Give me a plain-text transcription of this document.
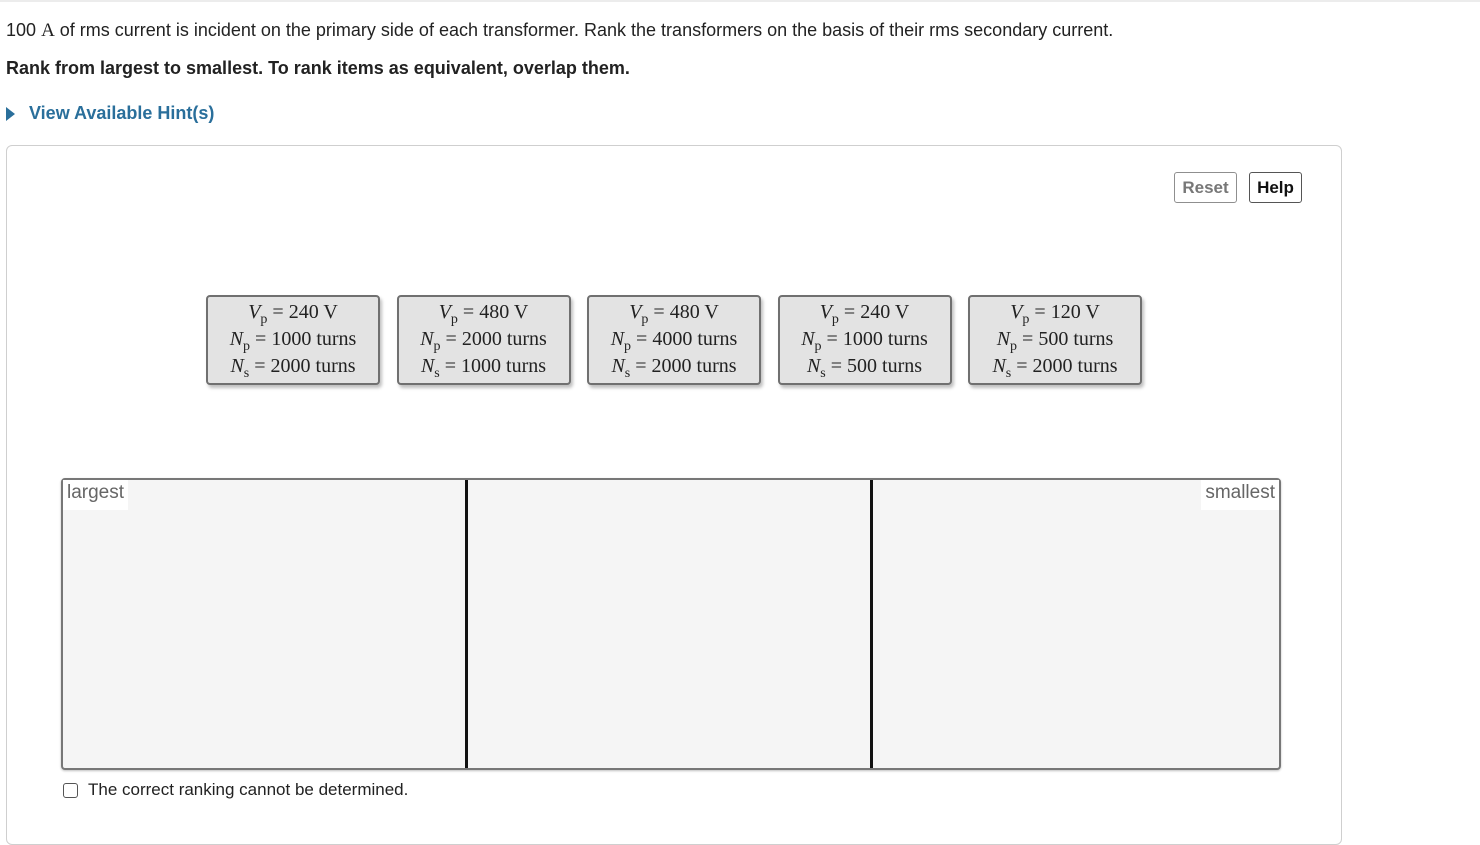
100 A of rms current is incident on the primary side of each transformer. Rank the transformers on the basis of their rms secondary current.
Rank from largest to smallest. To rank items as equivalent, overlap them.
View Available Hint(s)
Reset	Help
$V_p = 240$ V
$N_p = 1000$ turns
$N_s = 2000$ turns
$V_p = 480$ V
$N_p = 2000$ turns
$N_s = 1000$ turns
$V_p = 480$ V
$N_p = 4000$ turns
$N_s = 2000$ turns
$V_p = 240$ V
$N_p = 1000$ turns
$N_s = 500$ turns
$V_p = 120$ V
$N_p = 500$ turns
$N_s = 2000$ turns
largest	smallest
The correct ranking cannot be determined.
